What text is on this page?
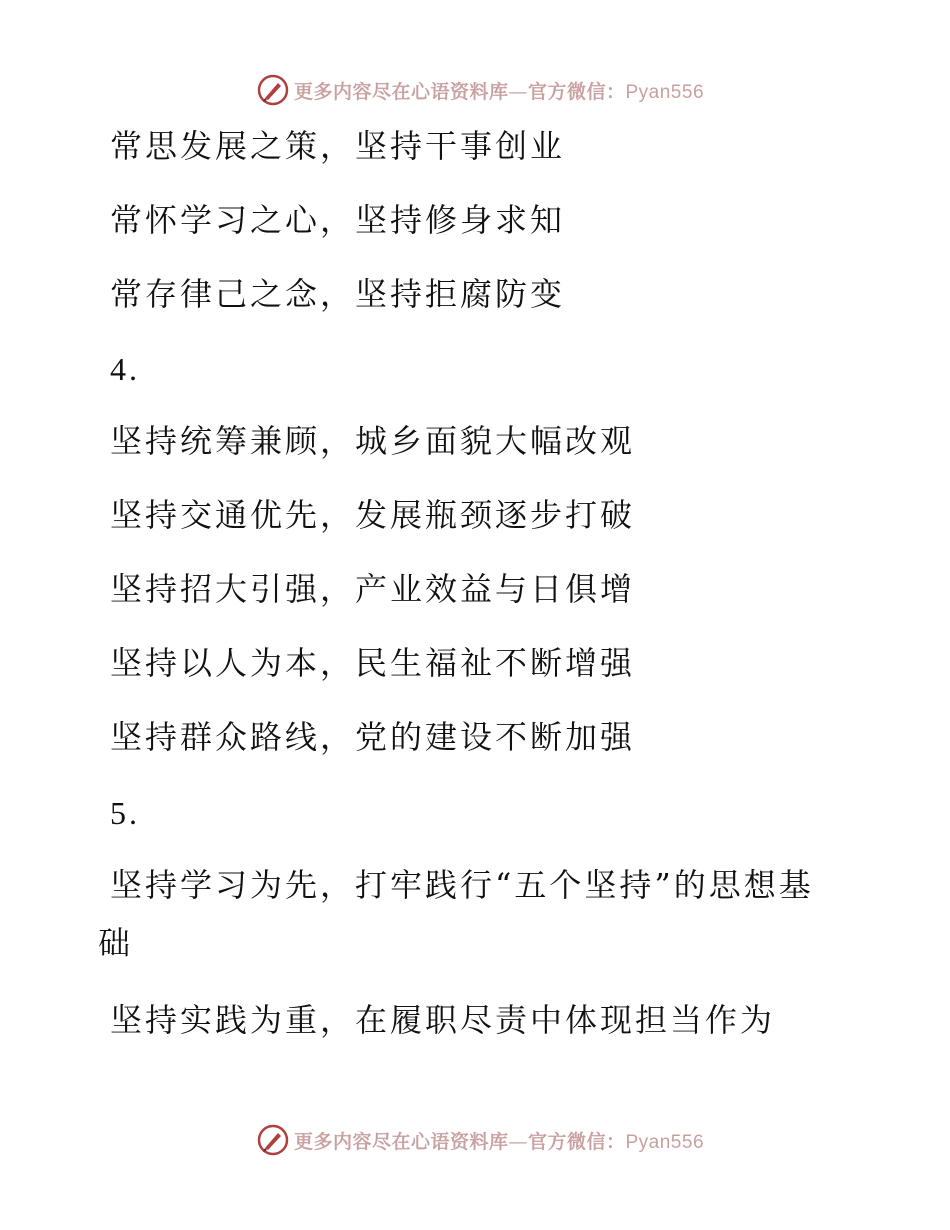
更多内容尽在心语资料库—官方微信：Pyan556
常思发展之策，坚持干事创业
常怀学习之心，坚持修身求知
常存律己之念，坚持拒腐防变
4.
坚持统筹兼顾，城乡面貌大幅改观
坚持交通优先，发展瓶颈逐步打破
坚持招大引强，产业效益与日俱增
坚持以人为本，民生福祉不断增强
坚持群众路线，党的建设不断加强
5.
坚持学习为先，打牢践行“五个坚持”的思想基
础
坚持实践为重，在履职尽责中体现担当作为
更多内容尽在心语资料库—官方微信：Pyan556
